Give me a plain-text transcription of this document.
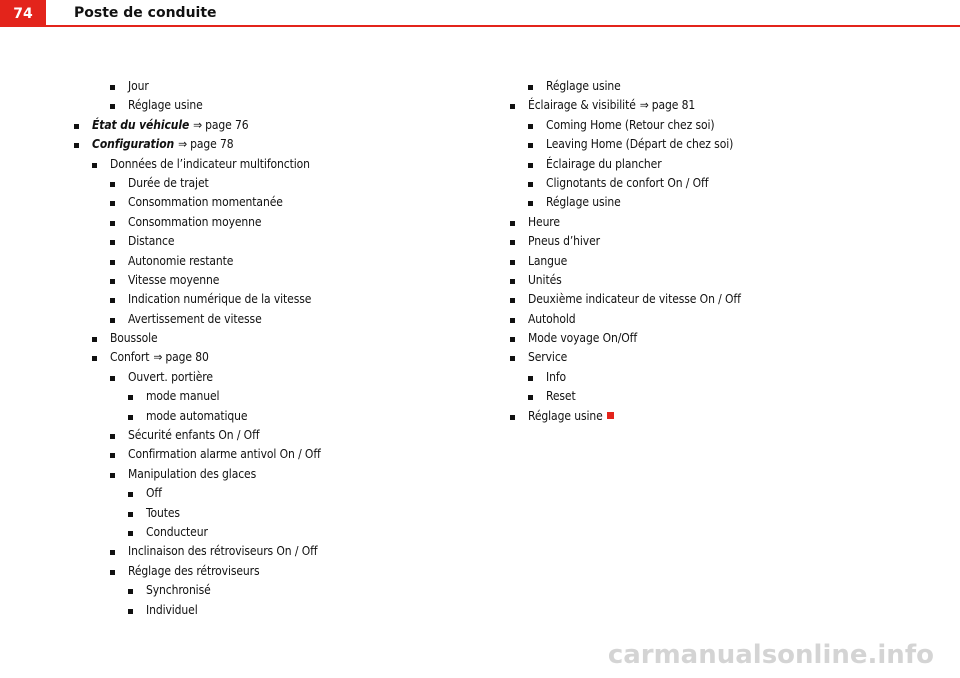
74	Poste de conduite
Jour
Réglage usine
État du véhicule ⇒ page 76
Configuration ⇒ page 78
Données de l’indicateur multifonction
Durée de trajet
Consommation momentanée
Consommation moyenne
Distance
Autonomie restante
Vitesse moyenne
Indication numérique de la vitesse
Avertissement de vitesse
Boussole
Confort ⇒ page 80
Ouvert. portière
mode manuel
mode automatique
Sécurité enfants On / Off
Confirmation alarme antivol On / Off
Manipulation des glaces
Off
Toutes
Conducteur
Inclinaison des rétroviseurs On / Off
Réglage des rétroviseurs
Synchronisé
Individuel
Réglage usine
Éclairage & visibilité ⇒ page 81
Coming Home (Retour chez soi)
Leaving Home (Départ de chez soi)
Éclairage du plancher
Clignotants de confort On / Off
Réglage usine
Heure
Pneus d’hiver
Langue
Unités
Deuxième indicateur de vitesse On / Off
Autohold
Mode voyage On/Off
Service
Info
Reset
Réglage usine
carmanualsonline.info
